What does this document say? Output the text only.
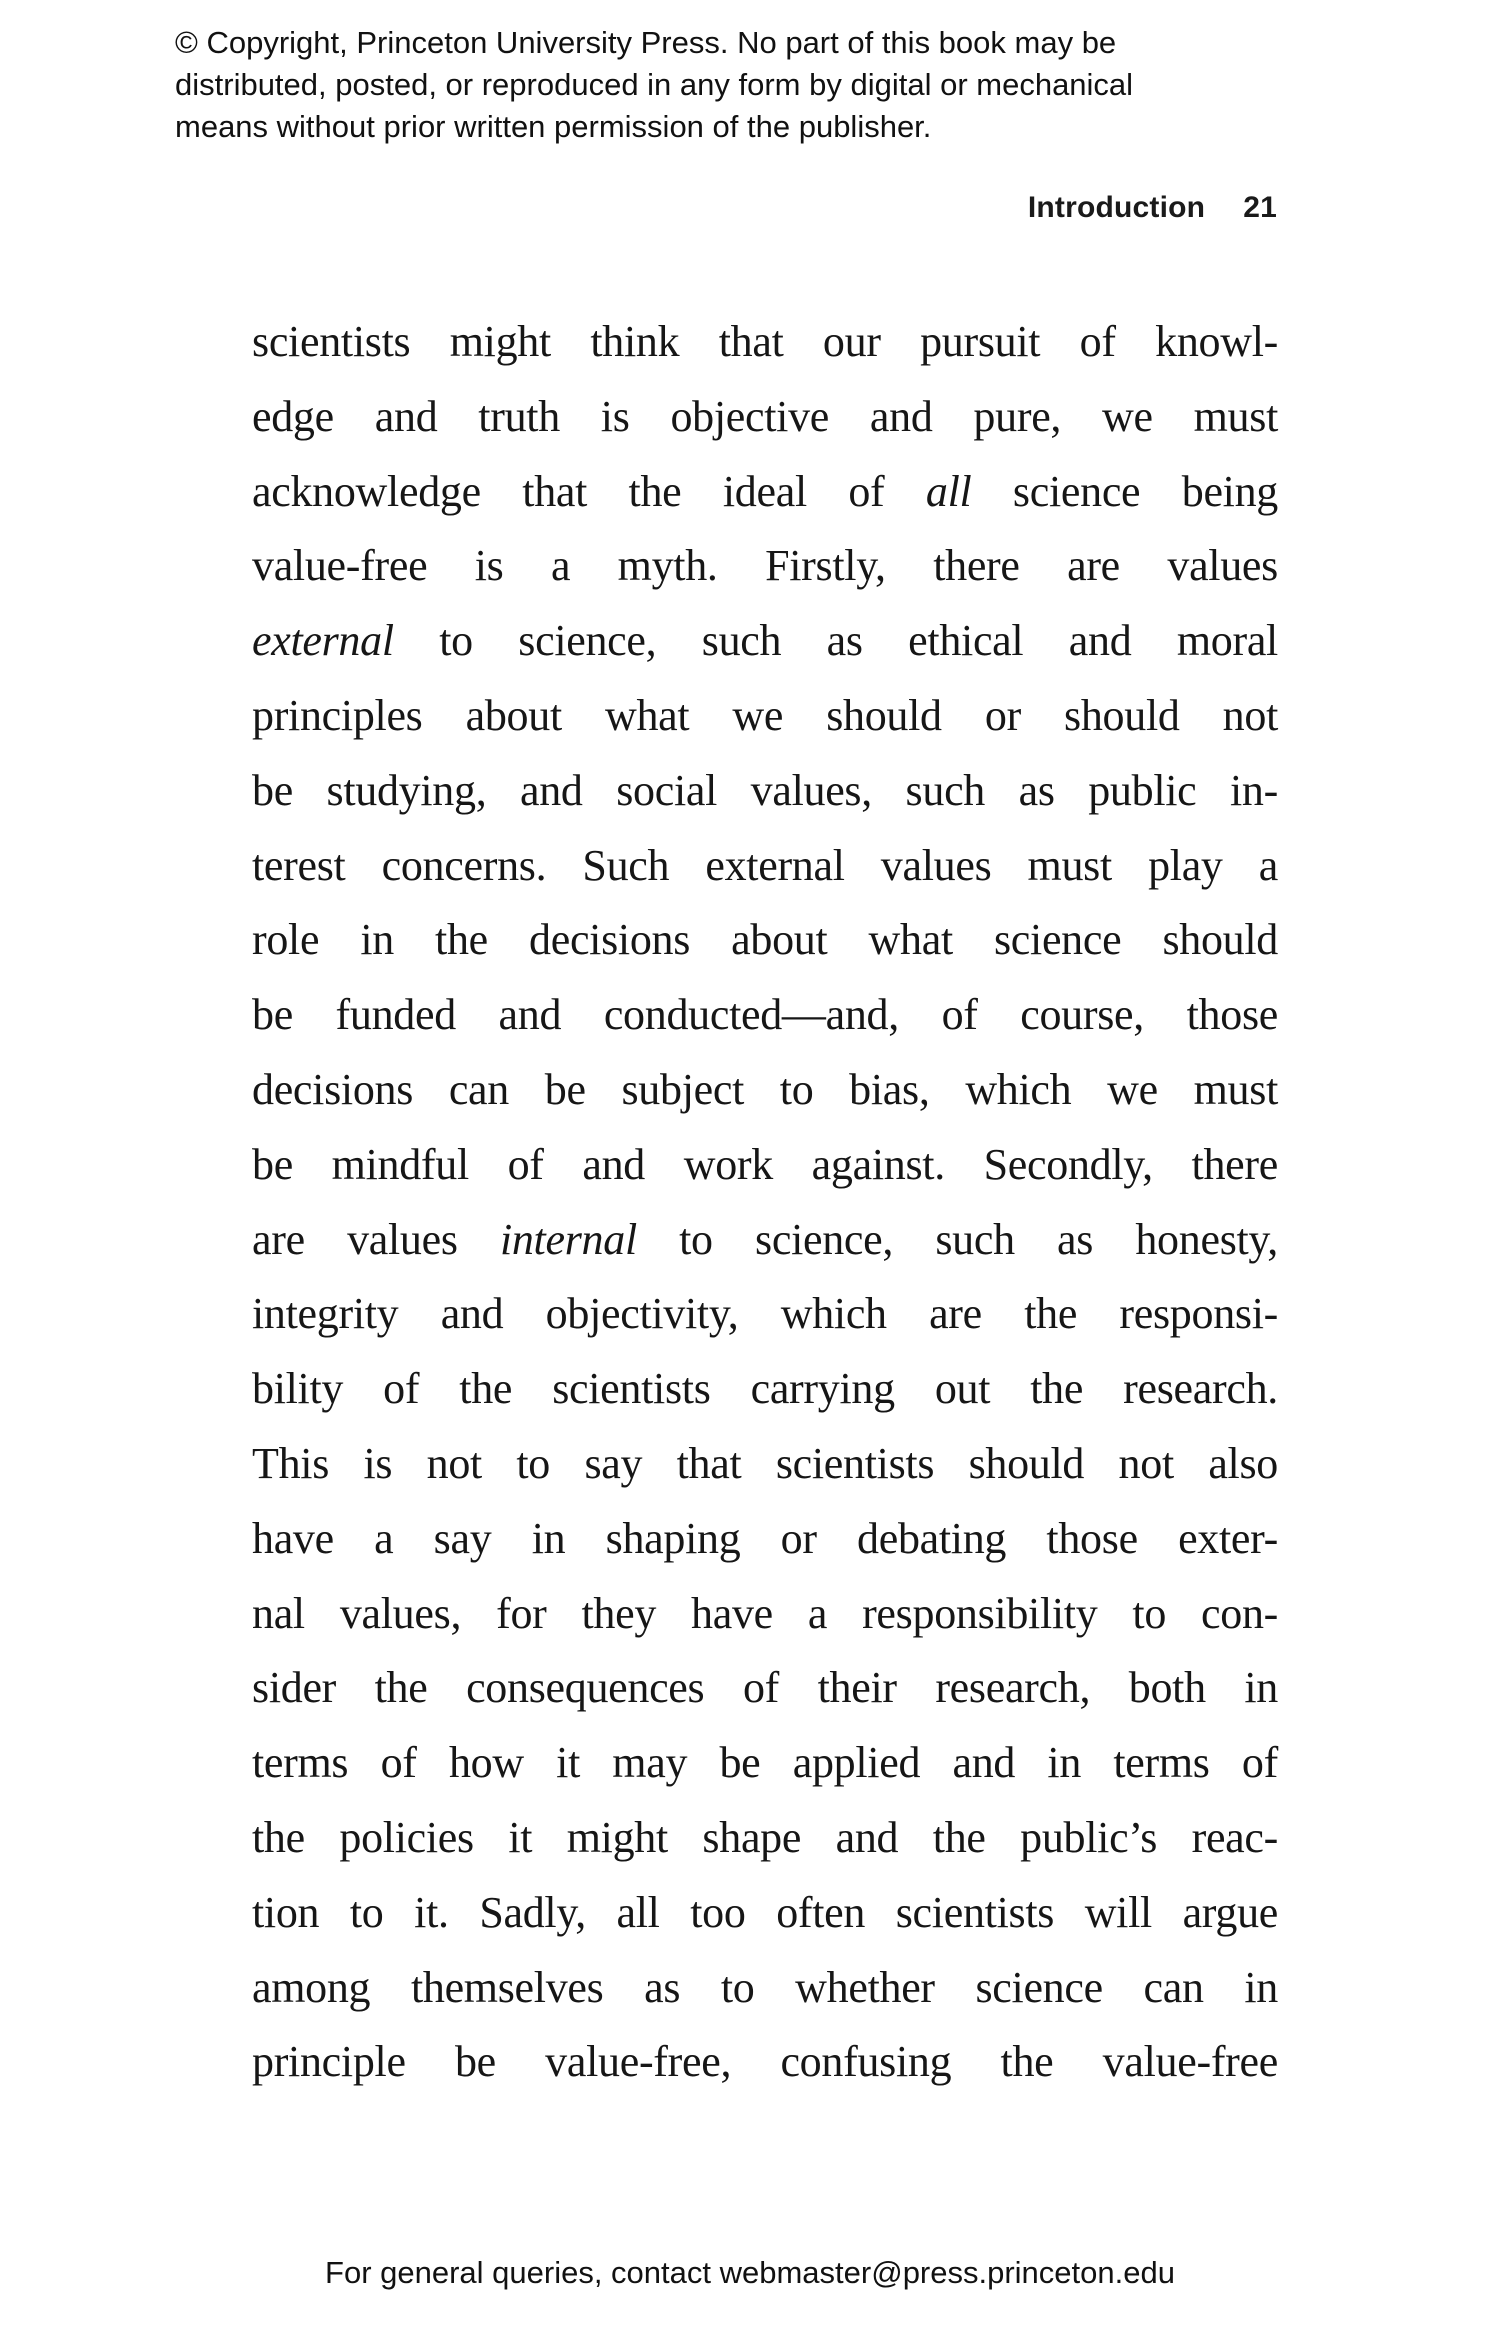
© Copyright, Princeton University Press. No part of this book may be
distributed, posted, or reproduced in any form by digital or mechanical
means without prior written permission of the publisher.
Introduction 21
scientists might think that our pursuit of knowl-
edge and truth is objective and pure, we must
acknowledge that the ideal of all science being
value-free is a myth. Firstly, there are values
external to science, such as ethical and moral
principles about what we should or should not
be studying, and social values, such as public in-
terest concerns. Such external values must play a
role in the decisions about what science should
be funded and conducted—and, of course, those
decisions can be subject to bias, which we must
be mindful of and work against. Secondly, there
are values internal to science, such as honesty,
integrity and objectivity, which are the responsi-
bility of the scientists carrying out the research.
This is not to say that scientists should not also
have a say in shaping or debating those exter-
nal values, for they have a responsibility to con-
sider the consequences of their research, both in
terms of how it may be applied and in terms of
the policies it might shape and the public’s reac-
tion to it. Sadly, all too often scientists will argue
among themselves as to whether science can in
principle be value-free, confusing the value-free
For general queries, contact webmaster@press.princeton.edu
